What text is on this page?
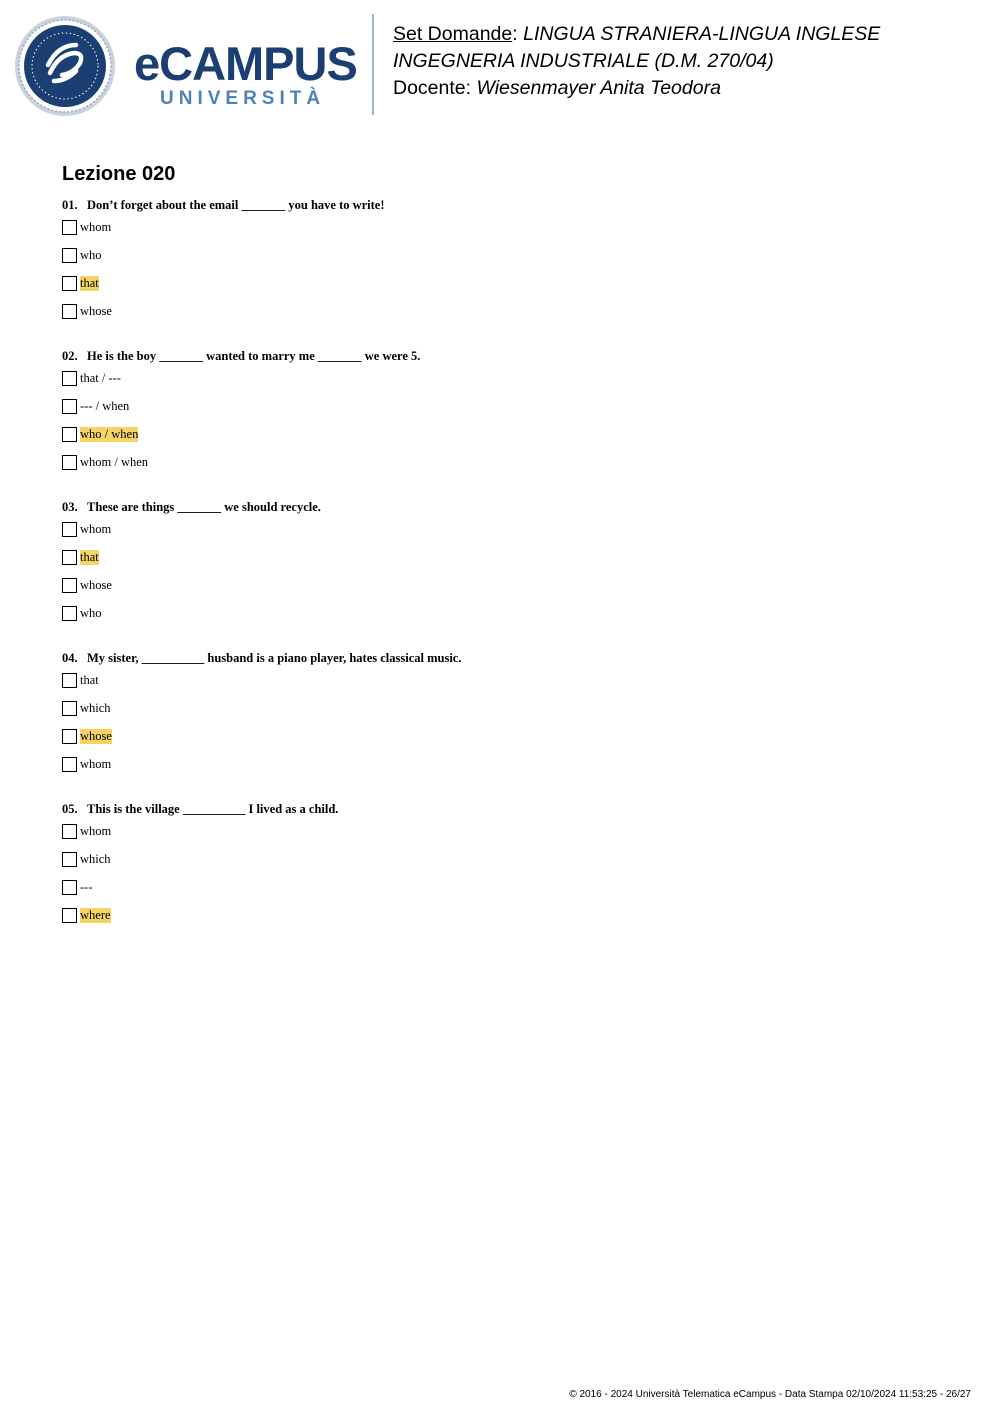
eCAMPUS
UNIVERSITÀ
Set Domande: LINGUA STRANIERA-LINGUA INGLESE
INGEGNERIA INDUSTRIALE (D.M. 270/04)
Docente: Wiesenmayer Anita Teodora
Lezione 020
01. Don’t forget about the email _______ you have to write!
whom
who
that
whose
02. He is the boy _______ wanted to marry me _______ we were 5.
that / ---
--- / when
who / when
whom / when
03. These are things _______ we should recycle.
whom
that
whose
who
04. My sister, __________ husband is a piano player, hates classical music.
that
which
whose
whom
05. This is the village __________ I lived as a child.
whom
which
---
where
© 2016 - 2024 Università Telematica eCampus - Data Stampa 02/10/2024 11:53:25 - 26/27
